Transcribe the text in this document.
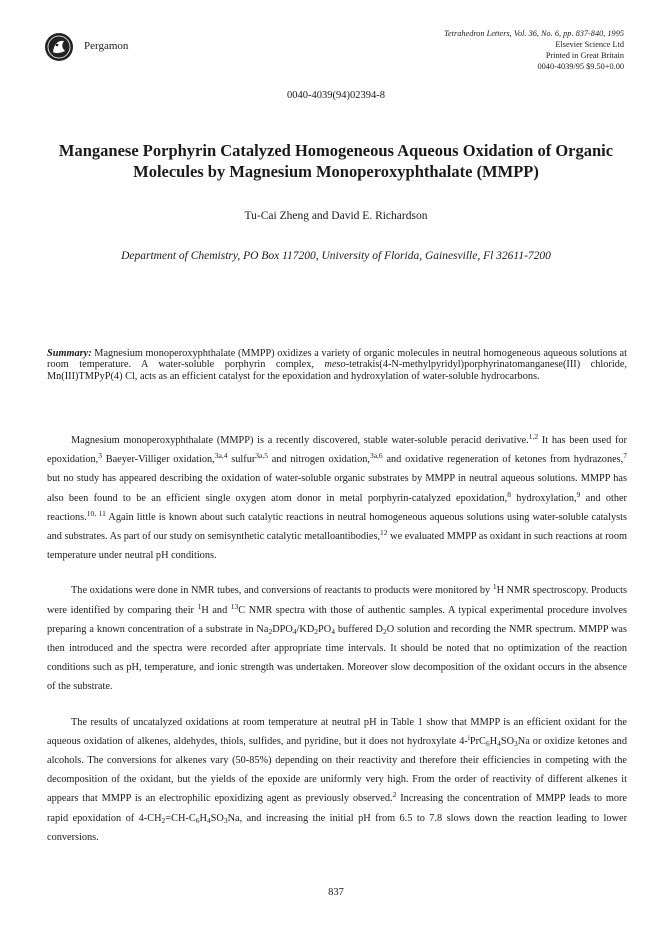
Pergamon
Tetrahedron Letters, Vol. 36, No. 6, pp. 837-840, 1995
Elsevier Science Ltd
Printed in Great Britain
0040-4039/95 $9.50+0.00
0040-4039(94)02394-8
Manganese Porphyrin Catalyzed Homogeneous Aqueous Oxidation of Organic Molecules by Magnesium Monoperoxyphthalate (MMPP)
Tu-Cai Zheng and David E. Richardson
Department of Chemistry, PO Box 117200, University of Florida, Gainesville, Fl 32611-7200

Summary: Magnesium monoperoxyphthalate (MMPP) oxidizes a variety of organic molecules in neutral homogeneous aqueous solutions at room temperature. A water-soluble porphyrin complex, meso-tetrakis(4-N-methylpyridyl)porphyrinatomanganese(III) chloride, Mn(III)TMPyP(4) Cl, acts as an efficient catalyst for the epoxidation and hydroxylation of water-soluble hydrocarbons.

Magnesium monoperoxyphthalate (MMPP) is a recently discovered, stable water-soluble peracid derivative.$^{1,2}$ It has been used for epoxidation,$^3$ Baeyer-Villiger oxidation,$^{3a,4}$ sulfur$^{3a,5}$ and nitrogen oxidation,$^{3a,6}$ and oxidative regeneration of ketones from hydrazones,$^7$ but no study has appeared describing the oxidation of water-soluble organic substrates by MMPP in neutral aqueous solutions. MMPP has also been found to be an efficient single oxygen atom donor in metal porphyrin-catalyzed epoxidation,$^8$ hydroxylation,$^9$ and other reactions.$^{10, 11}$ Again little is known about such catalytic reactions in neutral homogeneous aqueous solutions using water-soluble catalysts and substrates. As part of our study on semisynthetic catalytic metalloantibodies,$^{12}$ we evaluated MMPP as oxidant in such reactions at room temperature under neutral pH conditions.

The oxidations were done in NMR tubes, and conversions of reactants to products were monitored by $^1$H NMR spectroscopy. Products were identified by comparing their $^1$H and $^{13}$C NMR spectra with those of authentic samples. A typical experimental procedure involves preparing a known concentration of a substrate in $Na_2DPO_4/KD_2PO_4$ buffered $D_2O$ solution and recording the NMR spectrum. MMPP was then introduced and the spectra were recorded after appropriate time intervals. It should be noted that no optimization of the reaction conditions such as pH, temperature, and ionic strength was undertaken. Moreover slow decomposition of the oxidant occurs in the absence of the substrate.

The results of uncatalyzed oxidations at room temperature at neutral pH in Table 1 show that MMPP is an efficient oxidant for the aqueous oxidation of alkenes, aldehydes, thiols, sulfides, and pyridine, but it does not hydroxylate $4-^iPrC_6H_4SO_3Na$ or oxidize ketones and alcohols. The conversions for alkenes vary (50-85%) depending on their reactivity and therefore their efficiencies in competing with the decomposition of the oxidant, but the yields of the epoxide are uniformly very high. From the order of reactivity of different alkenes it appears that MMPP is an electrophilic epoxidizing agent as previously observed.$^2$ Increasing the concentration of MMPP leads to more rapid epoxidation of $4-CH_2=CH-C_6H_4SO_3Na$, and increasing the initial pH from 6.5 to 7.8 slows down the reaction leading to lower conversions.

837
